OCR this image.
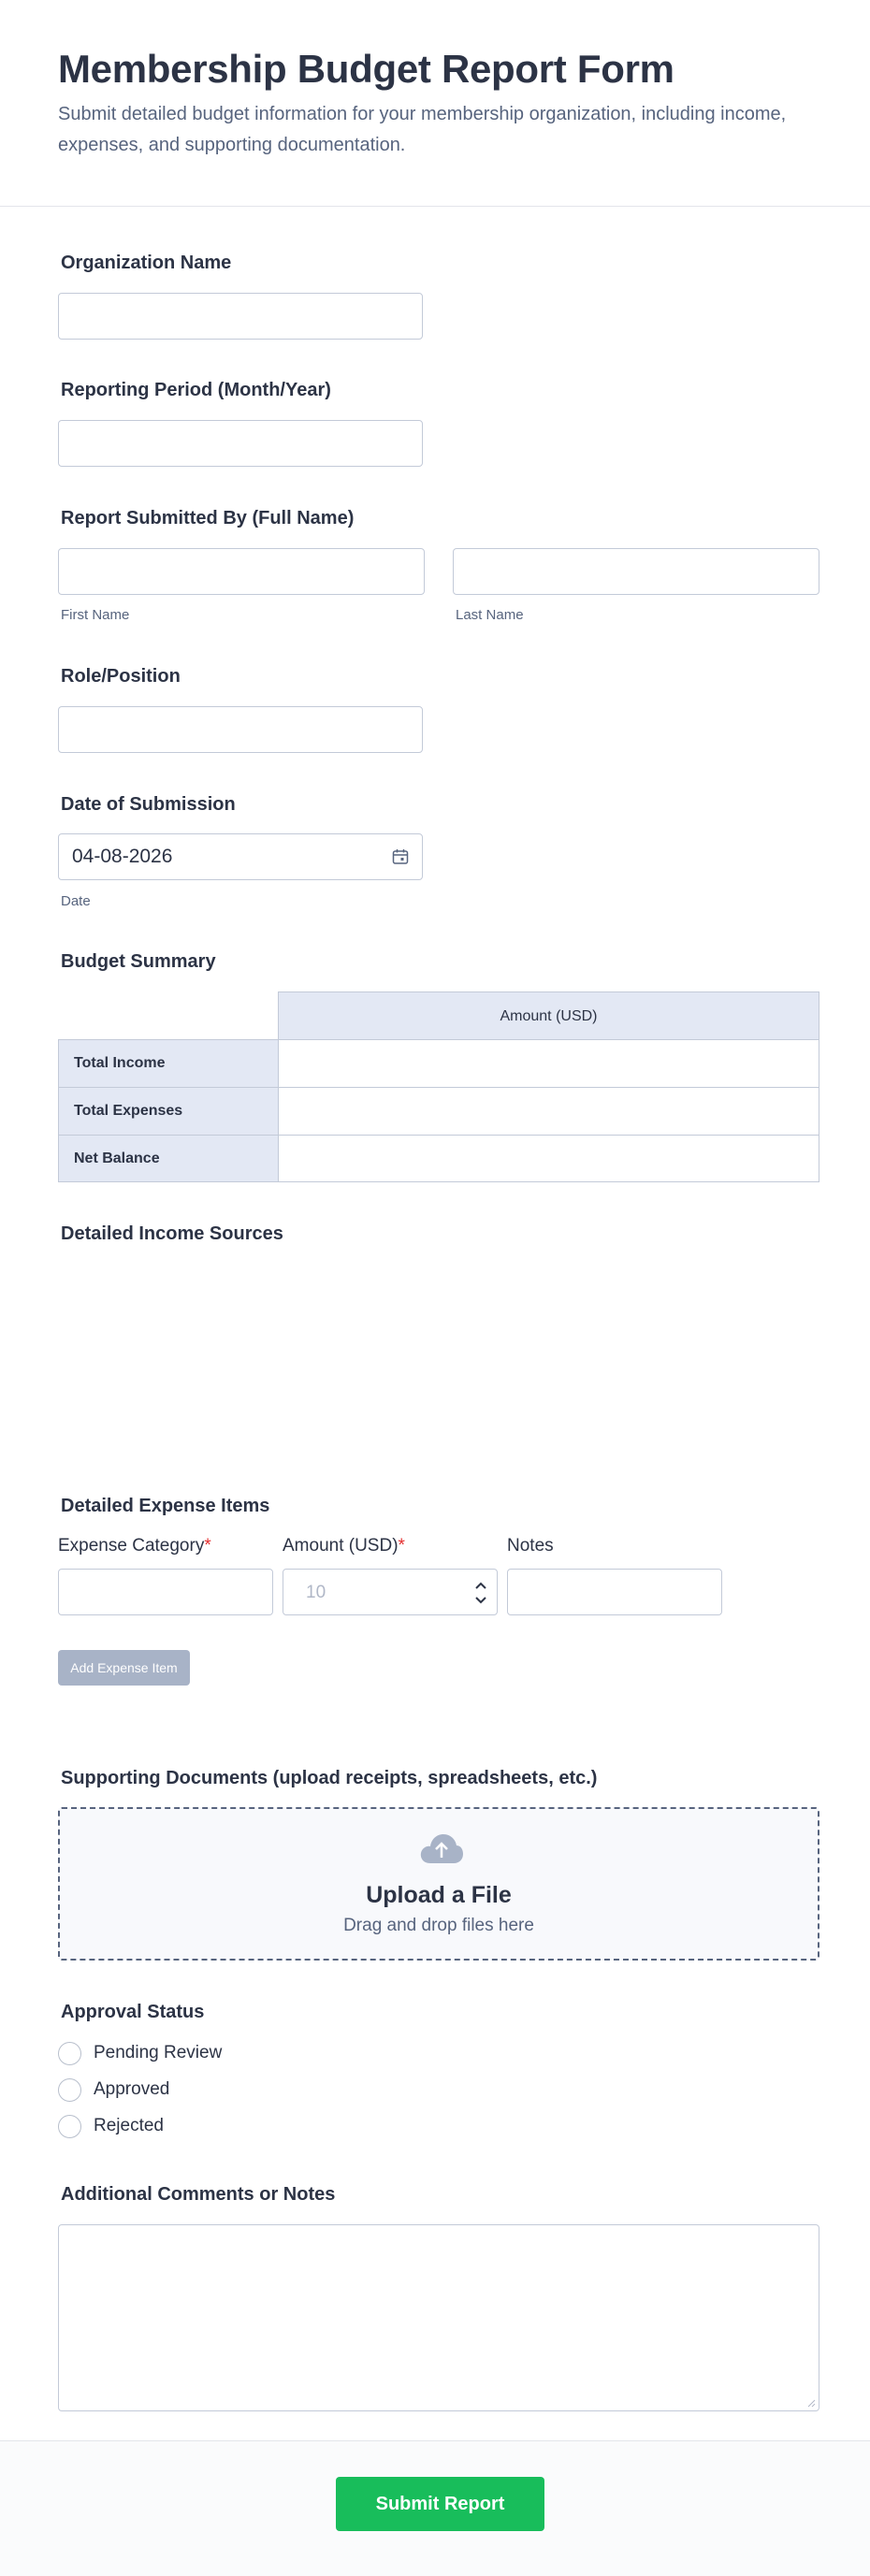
Membership Budget Report Form

Submit detailed budget information for your membership organization, including income, expenses, and supporting documentation.

Organization Name
Reporting Period (Month/Year)
Report Submitted By (Full Name)
First Name	Last Name
Role/Position
Date of Submission
04-08-2026
Date
Budget Summary
Amount (USD)
Total Income
Total Expenses
Net Balance
Detailed Income Sources
Detailed Expense Items
Expense Category*	Amount (USD)*	Notes
10
Add Expense Item
Supporting Documents (upload receipts, spreadsheets, etc.)
Upload a File
Drag and drop files here
Approval Status
Pending Review
Approved
Rejected
Additional Comments or Notes
Submit Report
